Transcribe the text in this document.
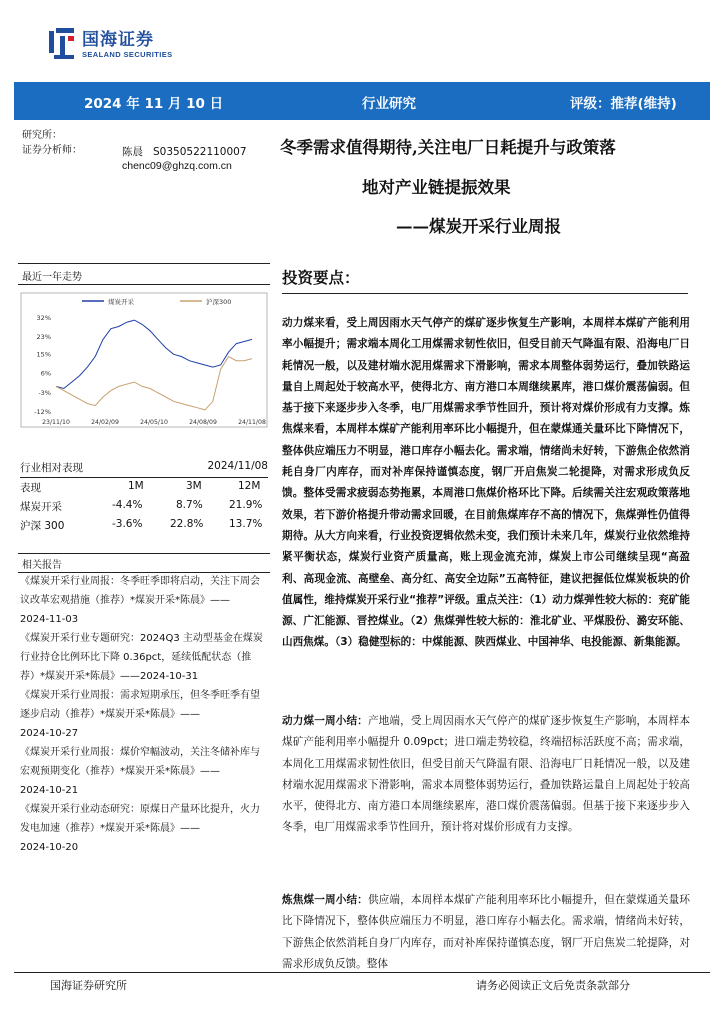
国海证券
SEALAND SECURITIES
2024 年 11 月 10 日	行业研究	评级：推荐(维持)
研究所：
证券分析师：	陈晨 S0350522110007
chenc09@ghzq.com.cn
冬季需求值得期待,关注电厂日耗提升与政策落
地对产业链提振效果
——煤炭开采行业周报
最近一年走势
煤炭开采	沪深300
32%
23%
15%
6%
-3%
-12%
23/11/10	24/02/09	24/05/10	24/08/09	24/11/08
行业相对表现	2024/11/08
表现	1M	3M	12M
煤炭开采	-4.4%	8.7%	21.9%
沪深 300	-3.6%	22.8% 13.7%
相关报告
《煤炭开采行业周报：冬季旺季即将启动，关注下周会议改革宏观措施（推荐）*煤炭开采*陈晨》——
2024-11-03
《煤炭开采行业专题研究：2024Q3 主动型基金在煤炭行业持仓比例环比下降 0.36pct，延续低配状态（推荐）*煤炭开采*陈晨》——2024-10-31
《煤炭开采行业周报：需求短期承压，但冬季旺季有望逐步启动（推荐）*煤炭开采*陈晨》——
2024-10-27
《煤炭开采行业周报：煤价窄幅波动，关注冬储补库与宏观预期变化（推荐）*煤炭开采*陈晨》——
2024-10-21
《煤炭开采行业动态研究：原煤日产量环比提升，火力发电加速（推荐）*煤炭开采*陈晨》——
2024-10-20
投资要点：
动力煤来看，受上周因雨水天气停产的煤矿逐步恢复生产影响，本周样本煤矿产能利用率小幅提升；需求端本周化工用煤需求韧性依旧，但受目前天气降温有限、沿海电厂日耗情况一般，以及建材端水泥用煤需求下滑影响，需求本周整体弱势运行，叠加铁路运量自上周起处于较高水平，使得北方、南方港口本周继续累库，港口煤价震荡偏弱。但基于接下来逐步步入冬季，电厂用煤需求季节性回升，预计将对煤价形成有力支撑。炼焦煤来看，本周样本煤矿产能利用率环比小幅提升，但在蒙煤通关量环比下降情况下，整体供应端压力不明显，港口库存小幅去化。需求端，情绪尚未好转，下游焦企依然消耗自身厂内库存，而对补库保持谨慎态度，钢厂开启焦炭二轮提降，对需求形成负反馈。整体受需求疲弱态势拖累，本周港口焦煤价格环比下降。后续需关注宏观政策落地效果，若下游价格提升带动需求回暖，在目前焦煤库存不高的情况下，焦煤弹性仍值得期待。从大方向来看，行业投资逻辑依然未变，我们预计未来几年，煤炭行业依然维持紧平衡状态，煤炭行业资产质量高，账上现金流充沛，煤炭上市公司继续呈现“高盈利、高现金流、高壁垒、高分红、高安全边际”五高特征，建议把握低位煤炭板块的价值属性，维持煤炭开采行业“推荐”评级。重点关注：（1）动力煤弹性较大标的：兖矿能源、广汇能源、晋控煤业。（2）焦煤弹性较大标的：淮北矿业、平煤股份、潞安环能、山西焦煤。（3）稳健型标的：中煤能源、陕西煤业、中国神华、电投能源、新集能源。
动力煤一周小结：产地端，受上周因雨水天气停产的煤矿逐步恢复生产影响，本周样本煤矿产能利用率小幅提升 0.09pct；进口端走势较稳，终端招标活跃度不高；需求端，本周化工用煤需求韧性依旧，但受目前天气降温有限、沿海电厂日耗情况一般，以及建材端水泥用煤需求下滑影响，需求本周整体弱势运行，叠加铁路运量自上周起处于较高水平，使得北方、南方港口本周继续累库，港口煤价震荡偏弱。但基于接下来逐步步入冬季，电厂用煤需求季节性回升，预计将对煤价形成有力支撑。
炼焦煤一周小结：供应端，本周样本煤矿产能利用率环比小幅提升，但在蒙煤通关量环比下降情况下，整体供应端压力不明显，港口库存小幅去化。需求端，情绪尚未好转，下游焦企依然消耗自身厂内库存，而对补库保持谨慎态度，钢厂开启焦炭二轮提降，对需求形成负反馈。整体
国海证券研究所	请务必阅读正文后免责条款部分
